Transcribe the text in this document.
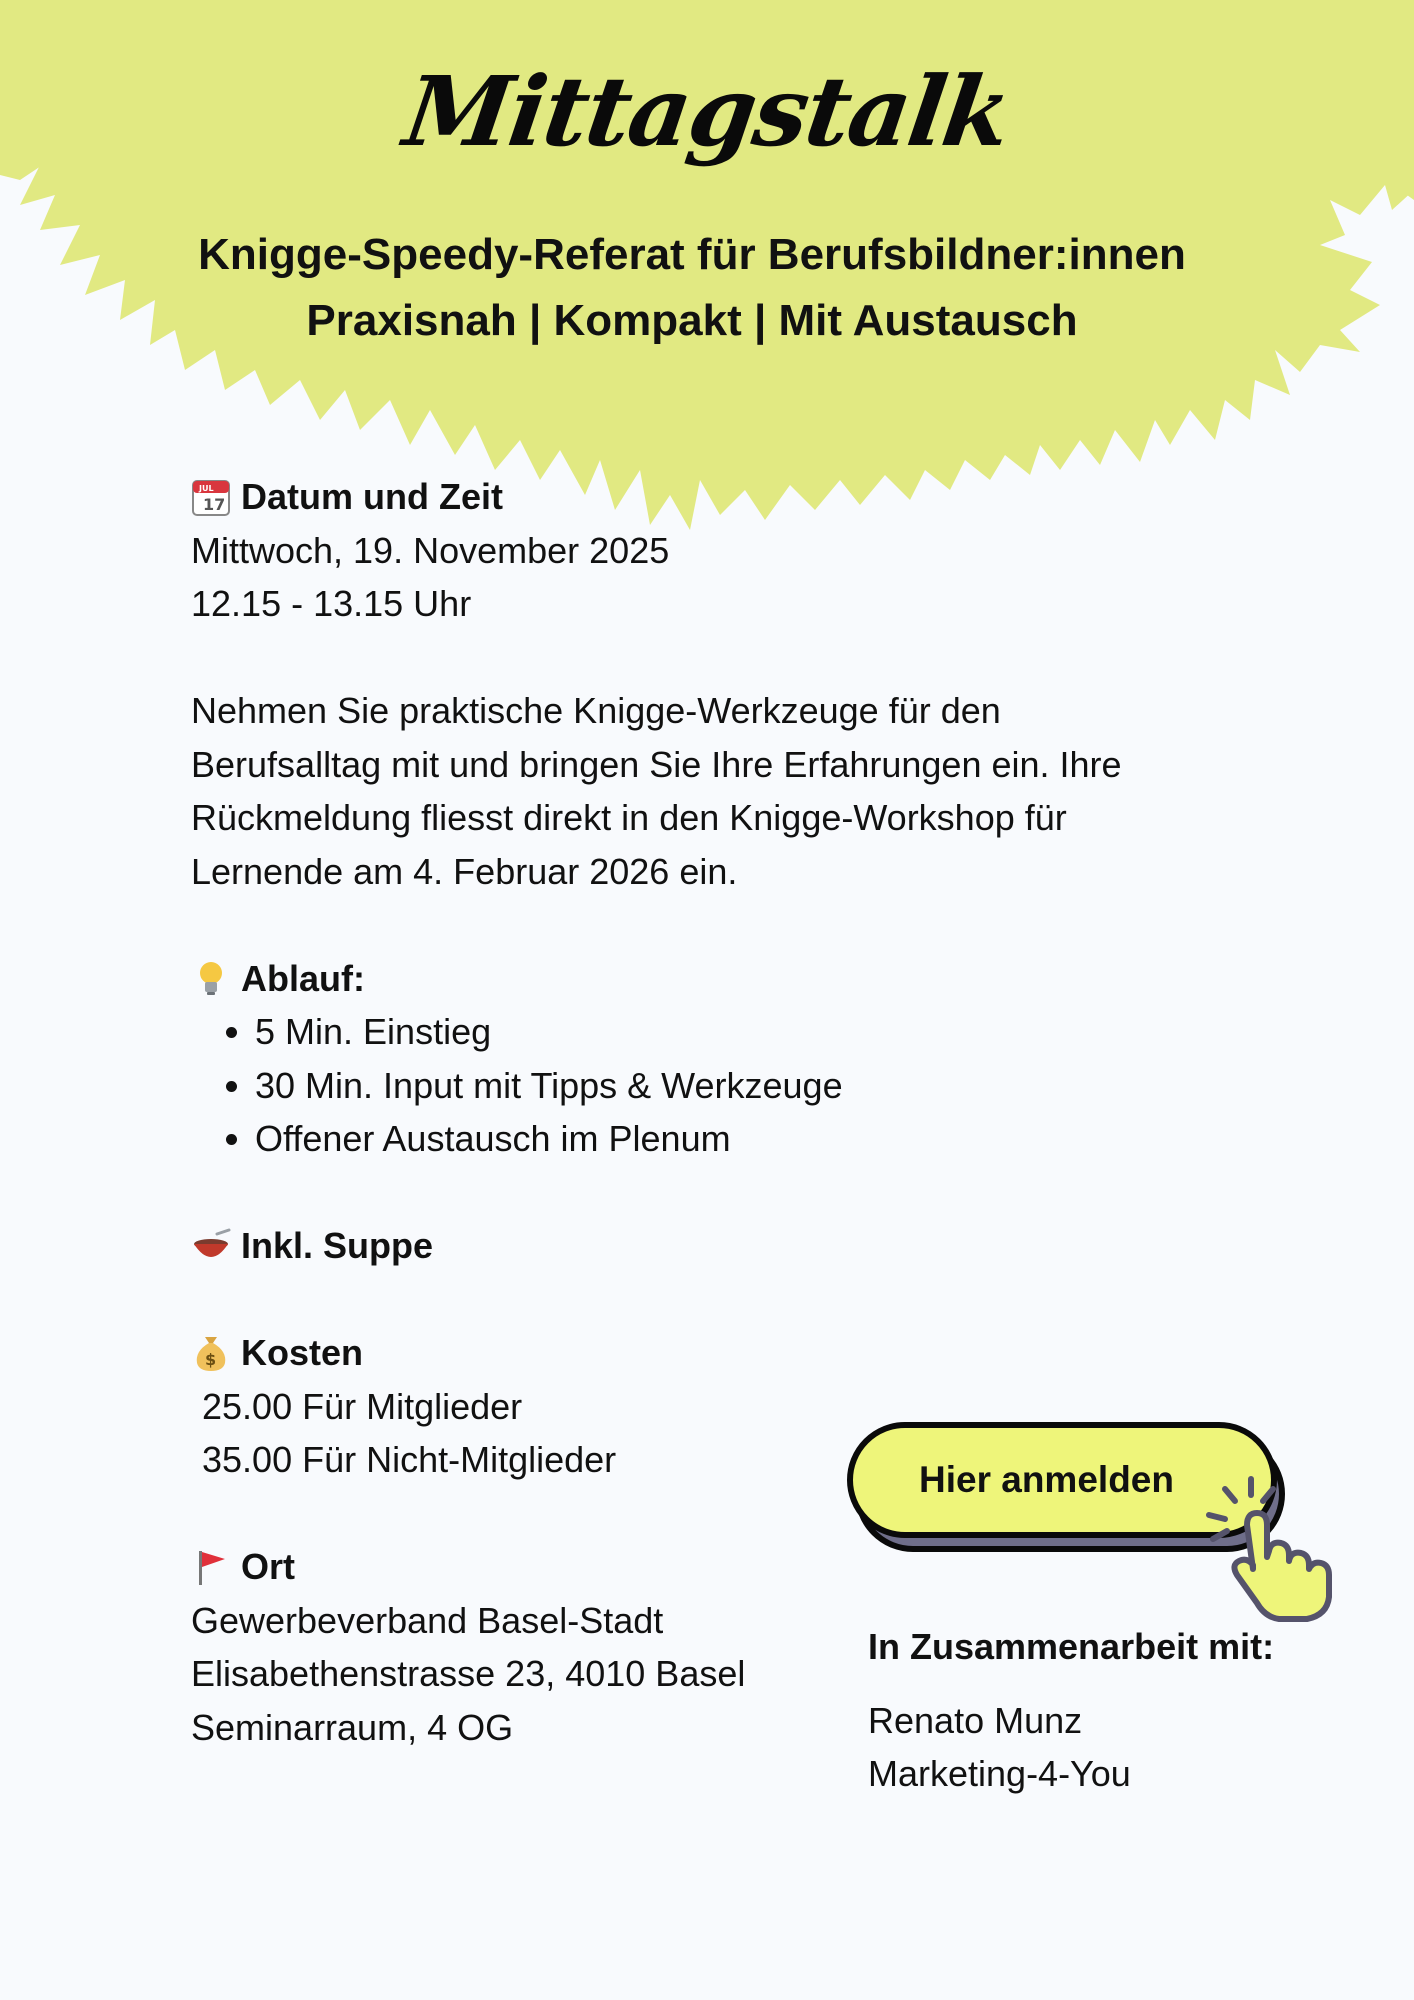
Mittagstalk
Knigge-Speedy-Referat für Berufsbildner:innen
Praxisnah | Kompakt | Mit Austausch
JUL
17 Datum und Zeit
Mittwoch, 19. November 2025
12.15 - 13.15 Uhr
Nehmen Sie praktische Knigge-Werkzeuge für den
Berufsalltag mit und bringen Sie Ihre Erfahrungen ein. Ihre
Rückmeldung fliesst direkt in den Knigge-Workshop für
Lernende am 4. Februar 2026 ein.
Ablauf:
• 5 Min. Einstieg
• 30 Min. Input mit Tipps & Werkzeuge
• Offener Austausch im Plenum
Inkl. Suppe
$ Kosten
25.00 Für Mitglieder
35.00 Für Nicht-Mitglieder
Ort
Gewerbeverband Basel-Stadt
Elisabethenstrasse 23, 4010 Basel
Seminarraum, 4 OG
Hier anmelden
In Zusammenarbeit mit:
Renato Munz
Marketing-4-You
